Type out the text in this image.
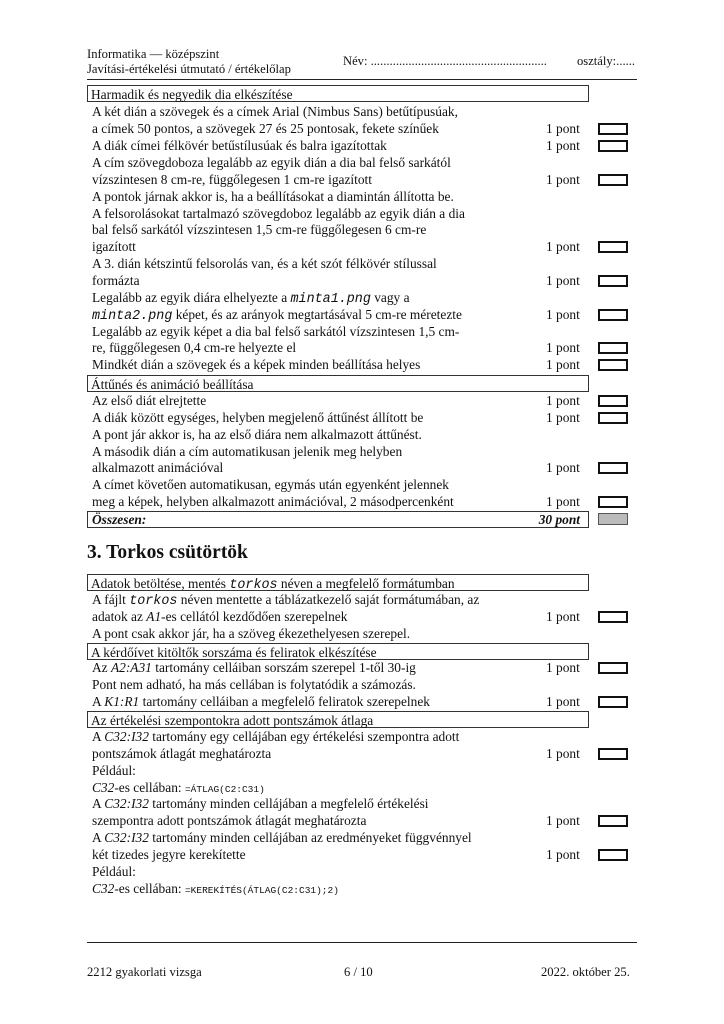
Informatika — középszint
Javítási-értékelési útmutató / értékelőlap
Név: ........................................................ osztály:......
Harmadik és negyedik dia elkészítése
A két dián a szövegek és a címek Arial (Nimbus Sans) betűtípusúak,
a címek 50 pontos, a szövegek 27 és 25 pontosak, fekete színűek	1 pont
A diák címei félkövér betűstílusúak és balra igazítottak	1 pont
A cím szövegdoboza legalább az egyik dián a dia bal felső sarkától
vízszintesen 8 cm-re, függőlegesen 1 cm-re igazított	1 pont
A pontok járnak akkor is, ha a beállításokat a diamintán állította be.
A felsorolásokat tartalmazó szövegdoboz legalább az egyik dián a dia
bal felső sarkától vízszintesen 1,5 cm-re függőlegesen 6 cm-re
igazított	1 pont
A 3. dián kétszintű felsorolás van, és a két szót félkövér stílussal
formázta	1 pont
Legalább az egyik diára elhelyezte a minta1.png vagy a
minta2.png képet, és az arányok megtartásával 5 cm-re méretezte	1 pont
Legalább az egyik képet a dia bal felső sarkától vízszintesen 1,5 cm-
re, függőlegesen 0,4 cm-re helyezte el	1 pont
Mindkét dián a szövegek és a képek minden beállítása helyes	1 pont
Áttűnés és animáció beállítása
Az első diát elrejtette	1 pont
A diák között egységes, helyben megjelenő áttűnést állított be	1 pont
A pont jár akkor is, ha az első diára nem alkalmazott áttűnést.
A második dián a cím automatikusan jelenik meg helyben
alkalmazott animációval	1 pont
A címet követően automatikusan, egymás után egyenként jelennek
meg a képek, helyben alkalmazott animációval, 2 másodpercenként	1 pont
Összesen:	30 pont
3. Torkos csütörtök
Adatok betöltése, mentés torkos néven a megfelelő formátumban
A fájlt torkos néven mentette a táblázatkezelő saját formátumában, az
adatok az A1-es cellától kezdődően szerepelnek	1 pont
A pont csak akkor jár, ha a szöveg ékezethelyesen szerepel.
A kérdőívet kitöltők sorszáma és feliratok elkészítése
Az A2:A31 tartomány celláiban sorszám szerepel 1-től 30-ig	1 pont
Pont nem adható, ha más cellában is folytatódik a számozás.
A K1:R1 tartomány celláiban a megfelelő feliratok szerepelnek	1 pont
Az értékelési szempontokra adott pontszámok átlaga
A C32:I32 tartomány egy cellájában egy értékelési szempontra adott
pontszámok átlagát meghatározta	1 pont
Például:
C32-es cellában: =ÁTLAG(C2:C31)
A C32:I32 tartomány minden cellájában a megfelelő értékelési
szempontra adott pontszámok átlagát meghatározta	1 pont
A C32:I32 tartomány minden cellájában az eredményeket függvénnyel
két tizedes jegyre kerekítette	1 pont
Például:
C32-es cellában: =KEREKÍTÉS(ÁTLAG(C2:C31);2)
2212 gyakorlati vizsga	6 / 10	2022. október 25.
